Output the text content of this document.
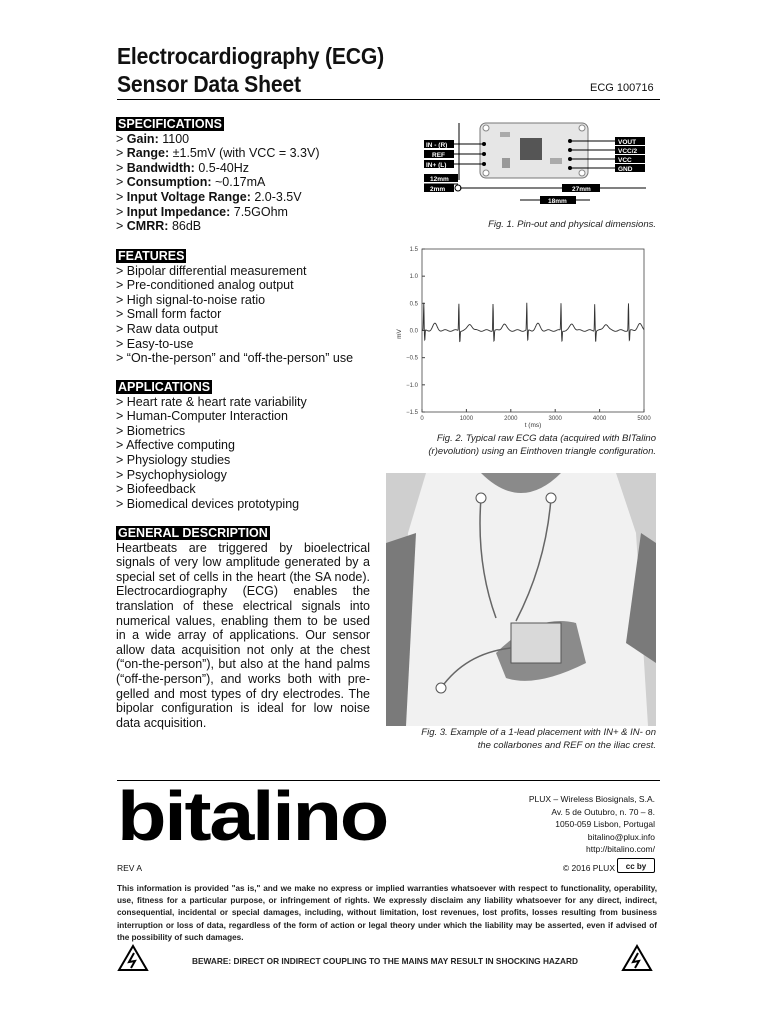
Electrocardiography (ECG)
Sensor Data Sheet	ECG 100716
SPECIFICATIONS
> Gain: 1100
> Range: ±1.5mV (with VCC = 3.3V)
> Bandwidth: 0.5-40Hz
> Consumption: ~0.17mA
> Input Voltage Range: 2.0-3.5V
> Input Impedance: 7.5GOhm
> CMRR: 86dB
FEATURES
> Bipolar differential measurement
> Pre-conditioned analog output
> High signal-to-noise ratio
> Small form factor
> Raw data output
> Easy-to-use
> “On-the-person” and “off-the-person” use
APPLICATIONS
> Heart rate & heart rate variability
> Human-Computer Interaction
> Biometrics
> Affective computing
> Physiology studies
> Psychophysiology
> Biofeedback
> Biomedical devices prototyping
GENERAL DESCRIPTION
Heartbeats are triggered by bioelectrical signals of very low amplitude generated by a special set of cells in the heart (the SA node). Electrocardiography (ECG) enables the translation of these electrical signals into numerical values, enabling them to be used in a wide array of applications. Our sensor allow data acquisition not only at the chest (“on-the-person”), but also at the hand palms (“off-the-person”), and works both with pre-gelled and most types of dry electrodes. The bipolar configuration is ideal for low noise data acquisition.
IN - (R)
REF
IN+ (L)
VOUT
VCC/2
VCC
GND
12mm
2mm	27mm
18mm
Fig. 1. Pin-out and physical dimensions.
1.5
1.0
0.5
0.0
−0.5
−1.0
−1.5
0	1000	2000	3000	4000	5000
mV
t (ms)
Fig. 2. Typical raw ECG data (acquired with BITalino
(r)evolution) using an Einthoven triangle configuration.
Fig. 3. Example of a 1-lead placement with IN+ & IN- on
the collarbones and REF on the iliac crest.
bitalino	PLUX – Wireless Biosignals, S.A.
Av. 5 de Outubro, n. 70 – 8.
1050-059 Lisbon, Portugal
bitalino@plux.info
http://bitalino.com/
REV A	© 2016 PLUX	cc by
This information is provided "as is," and we make no express or implied warranties whatsoever with respect to functionality, operability, use, fitness for a particular purpose, or infringement of rights. We expressly disclaim any liability whatsoever for any direct, indirect, consequential, incidental or special damages, including, without limitation, lost revenues, lost profits, losses resulting from business interruption or loss of data, regardless of the form of action or legal theory under which the liability may be asserted, even if advised of the possibility of such damages.
BEWARE: DIRECT OR INDIRECT COUPLING TO THE MAINS MAY RESULT IN SHOCKING HAZARD
